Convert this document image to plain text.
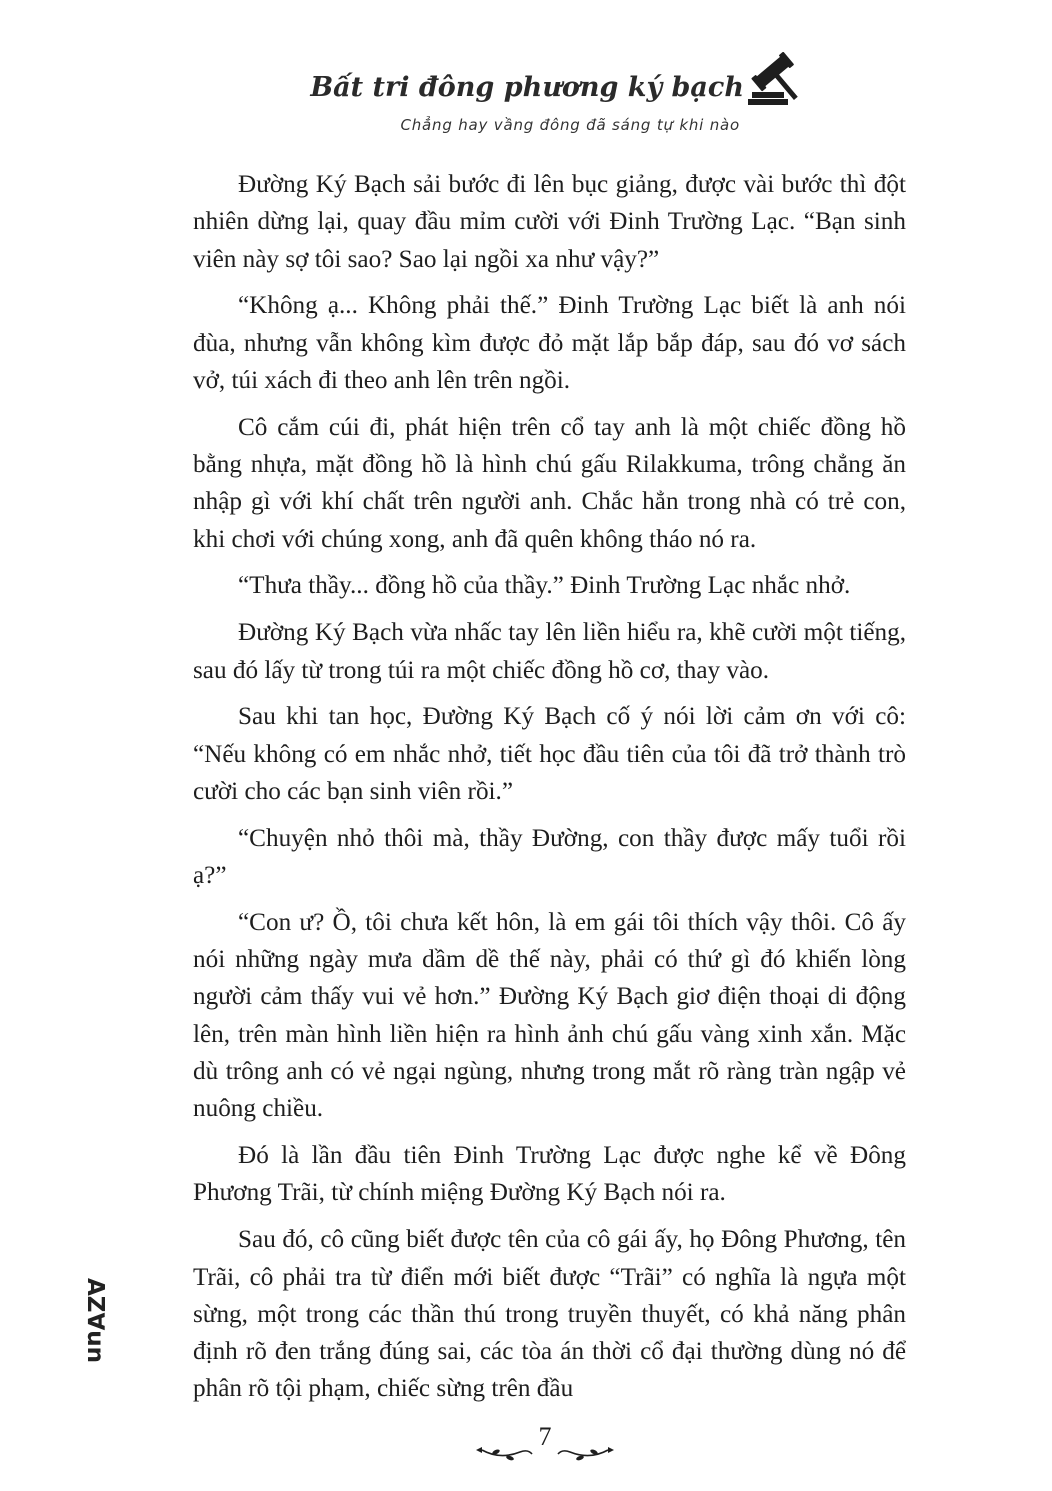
Bất tri đông phương ký bạch
Chẳng hay vầng đông đã sáng tự khi nào

Đường Ký Bạch sải bước đi lên bục giảng, được vài bước thì đột nhiên dừng lại, quay đầu mỉm cười với Đinh Trường Lạc. “Bạn sinh viên này sợ tôi sao? Sao lại ngồi xa như vậy?”

“Không ạ... Không phải thế.” Đinh Trường Lạc biết là anh nói đùa, nhưng vẫn không kìm được đỏ mặt lắp bắp đáp, sau đó vơ sách vở, túi xách đi theo anh lên trên ngồi.

Cô cắm cúi đi, phát hiện trên cổ tay anh là một chiếc đồng hồ bằng nhựa, mặt đồng hồ là hình chú gấu Rilakkuma, trông chẳng ăn nhập gì với khí chất trên người anh. Chắc hẳn trong nhà có trẻ con, khi chơi với chúng xong, anh đã quên không tháo nó ra.

“Thưa thầy... đồng hồ của thầy.” Đinh Trường Lạc nhắc nhở.

Đường Ký Bạch vừa nhấc tay lên liền hiểu ra, khẽ cười một tiếng, sau đó lấy từ trong túi ra một chiếc đồng hồ cơ, thay vào.

Sau khi tan học, Đường Ký Bạch cố ý nói lời cảm ơn với cô: “Nếu không có em nhắc nhở, tiết học đầu tiên của tôi đã trở thành trò cười cho các bạn sinh viên rồi.”

“Chuyện nhỏ thôi mà, thầy Đường, con thầy được mấy tuổi rồi ạ?”

“Con ư? Ồ, tôi chưa kết hôn, là em gái tôi thích vậy thôi. Cô ấy nói những ngày mưa dầm dề thế này, phải có thứ gì đó khiến lòng người cảm thấy vui vẻ hơn.” Đường Ký Bạch giơ điện thoại di động lên, trên màn hình liền hiện ra hình ảnh chú gấu vàng xinh xắn. Mặc dù trông anh có vẻ ngại ngùng, nhưng trong mắt rõ ràng tràn ngập vẻ nuông chiều.

Đó là lần đầu tiên Đinh Trường Lạc được nghe kể về Đông Phương Trãi, từ chính miệng Đường Ký Bạch nói ra.

Sau đó, cô cũng biết được tên của cô gái ấy, họ Đông Phương, tên Trãi, cô phải tra từ điển mới biết được “Trãi” có nghĩa là ngựa một sừng, một trong các thần thú trong truyền thuyết, có khả năng phân định rõ đen trắng đúng sai, các tòa án thời cổ đại thường dùng nó để phân rõ tội phạm, chiếc sừng trên đầu

AZ∀un
7
